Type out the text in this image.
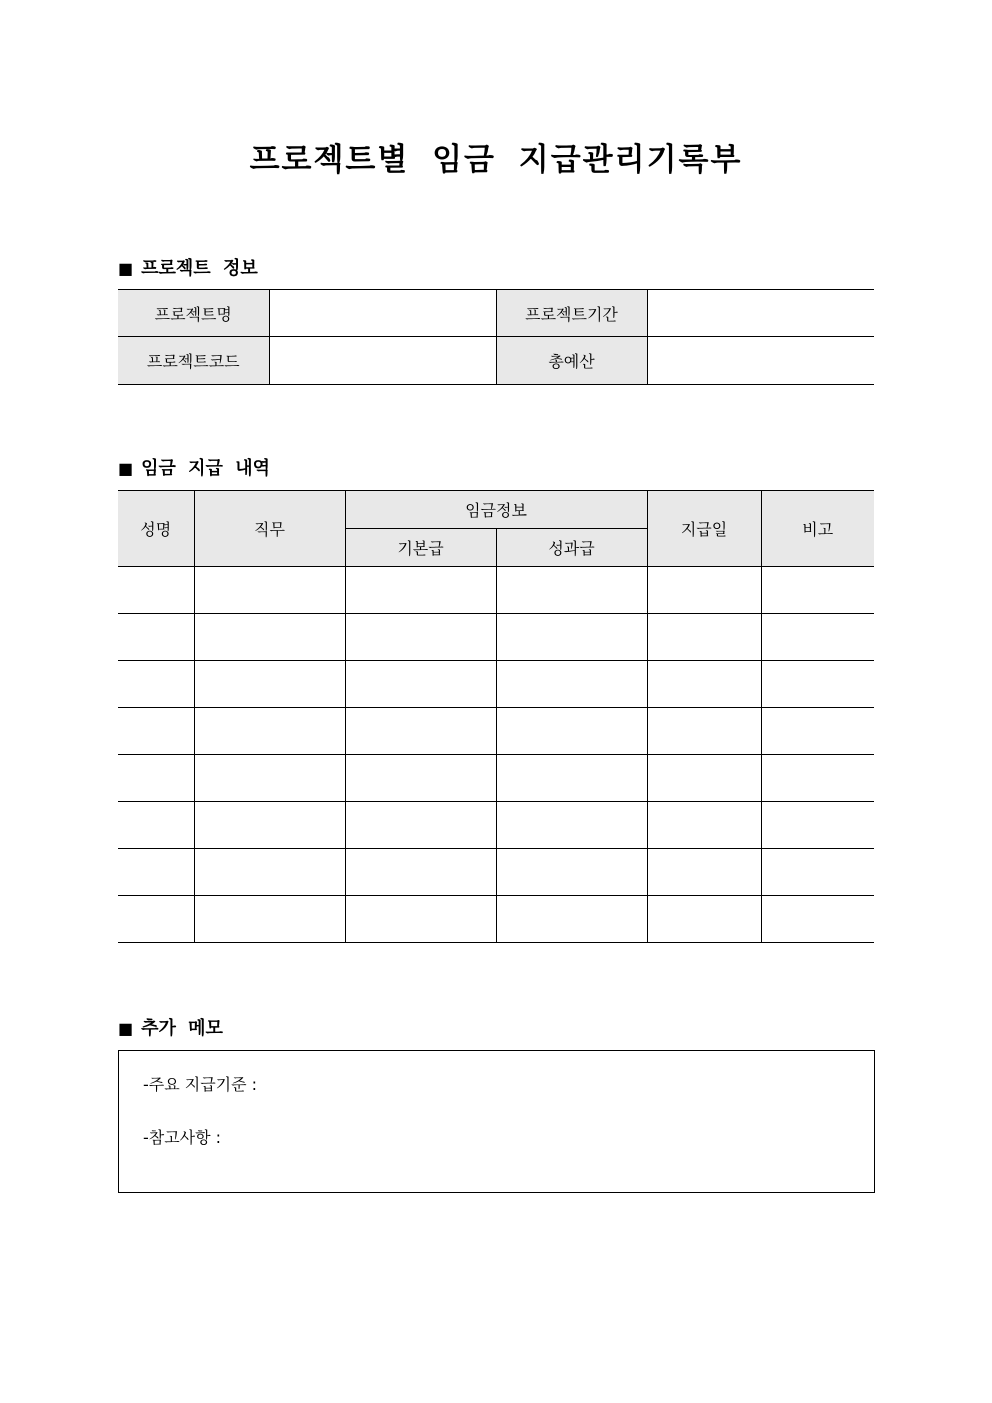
프로젝트별 임금 지급관리기록부
■ 프로젝트 정보
프로젝트명		프로젝트기간	
프로젝트코드		총예산	
■ 임금 지급 내역
성명	직무	임금정보		지급일	비고
		기본급	성과급		

■ 추가 메모
-주요 지급기준 :
-참고사항 :
